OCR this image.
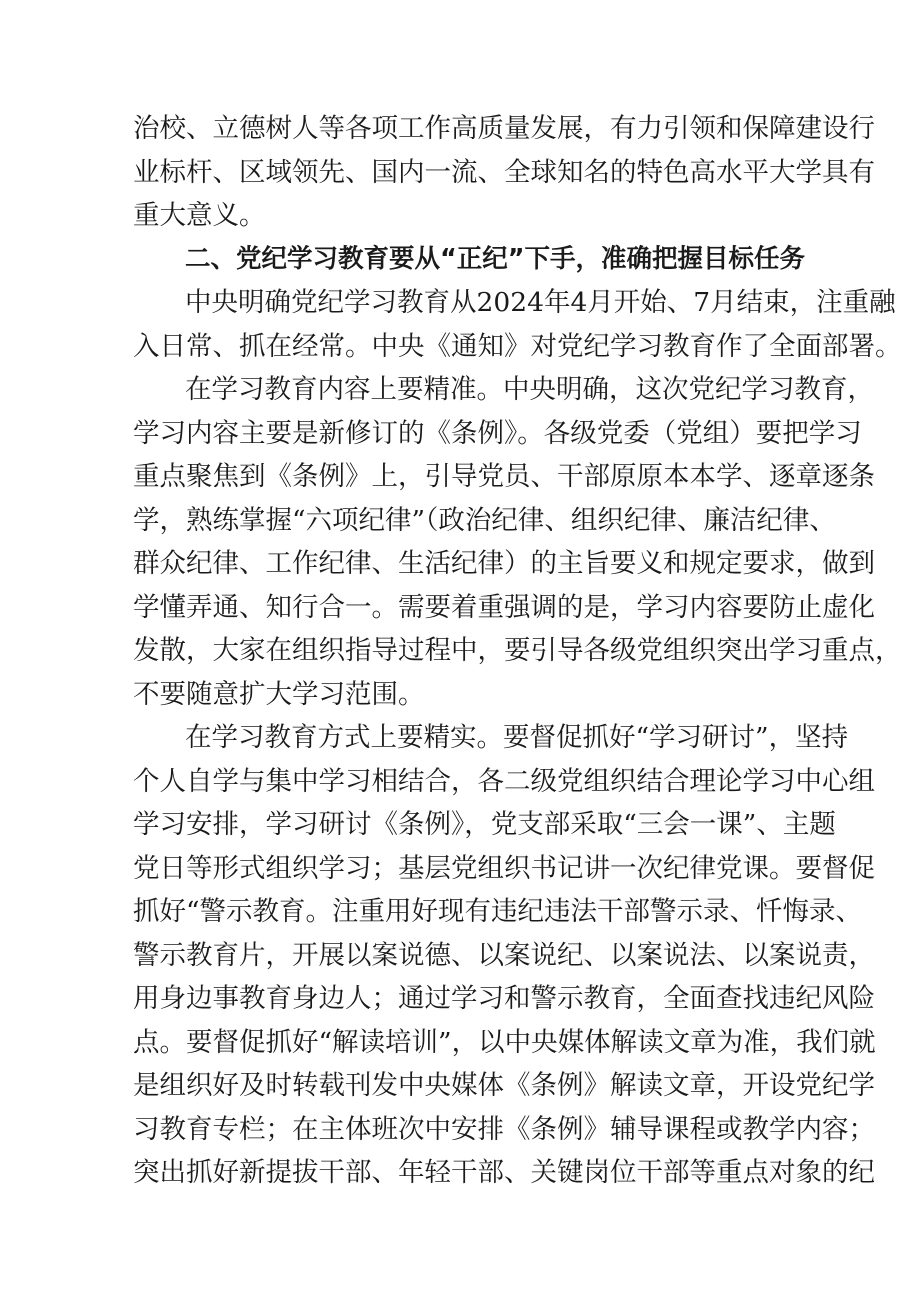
治校、立德树人等各项工作高质量发展，有力引领和保障建设行
业标杆、区域领先、国内一流、全球知名的特色高水平大学具有
重大意义。
二、党纪学习教育要从“正纪”下手，准确把握目标任务
中央明确党纪学习教育从2024年4月开始、7月结束，注重融
入日常、抓在经常。中央《通知》对党纪学习教育作了全面部署。
在学习教育内容上要精准。中央明确，这次党纪学习教育，
学习内容主要是新修订的《条例》。各级党委（党组）要把学习
重点聚焦到《条例》上，引导党员、干部原原本本学、逐章逐条
学，熟练掌握“六项纪律”（政治纪律、组织纪律、廉洁纪律、
群众纪律、工作纪律、生活纪律）的主旨要义和规定要求，做到
学懂弄通、知行合一。需要着重强调的是，学习内容要防止虚化
发散，大家在组织指导过程中，要引导各级党组织突出学习重点，
不要随意扩大学习范围。
在学习教育方式上要精实。要督促抓好“学习研讨”，坚持
个人自学与集中学习相结合，各二级党组织结合理论学习中心组
学习安排，学习研讨《条例》，党支部采取“三会一课”、主题
党日等形式组织学习；基层党组织书记讲一次纪律党课。要督促
抓好“警示教育。注重用好现有违纪违法干部警示录、忏悔录、
警示教育片，开展以案说德、以案说纪、以案说法、以案说责，
用身边事教育身边人；通过学习和警示教育，全面查找违纪风险
点。要督促抓好“解读培训”，以中央媒体解读文章为准，我们就
是组织好及时转载刊发中央媒体《条例》解读文章，开设党纪学
习教育专栏；在主体班次中安排《条例》辅导课程或教学内容；
突出抓好新提拔干部、年轻干部、关键岗位干部等重点对象的纪
